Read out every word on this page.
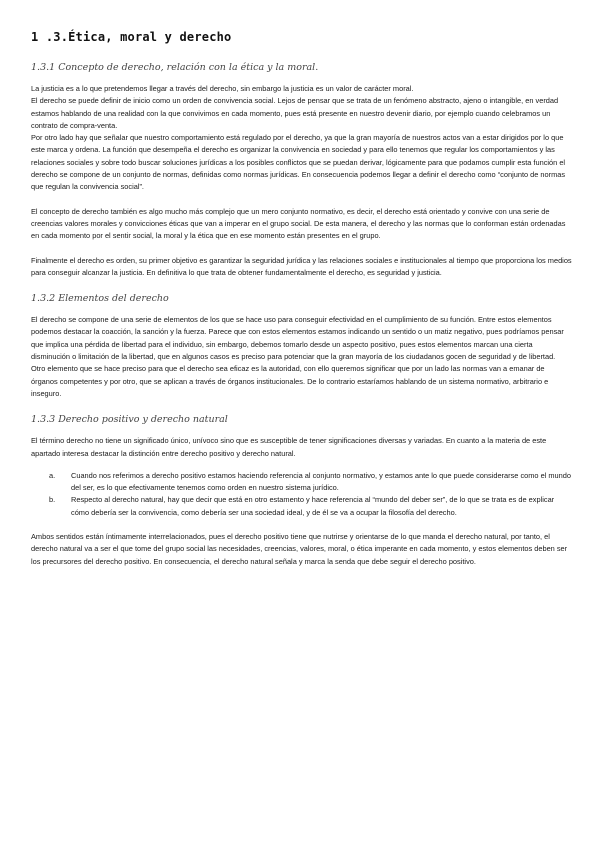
1 .3.Ética, moral y derecho
1.3.1 Concepto de derecho, relación con la ética y la moral.

La justicia es a lo que pretendemos llegar a través del derecho, sin embargo la justicia es un valor de carácter moral.

El derecho se puede definir de inicio como un orden de convivencia social. Lejos de pensar que se trata de un fenómeno abstracto, ajeno o intangible, en verdad estamos hablando de una realidad con la que convivimos en cada momento, pues está presente en nuestro devenir diario, por ejemplo cuando celebramos un contrato de compra-venta.

Por otro lado hay que señalar que nuestro comportamiento está regulado por el derecho, ya que la gran mayoría de nuestros actos van a estar dirigidos por lo que este marca y ordena. La función que desempeña el derecho es organizar la convivencia en sociedad y para ello tenemos que regular los comportamientos y las relaciones sociales y sobre todo buscar soluciones jurídicas a los posibles conflictos que se puedan derivar, lógicamente para que podamos cumplir esta función el derecho se compone de un conjunto de normas, definidas como normas jurídicas. En consecuencia podemos llegar a definir el derecho como “conjunto de normas que regulan la convivencia social”.

El concepto de derecho también es algo mucho más complejo que un mero conjunto normativo, es decir, el derecho está orientado y convive con una serie de creencias valores morales y convicciones éticas que van a imperar en el grupo social. De esta manera, el derecho y las normas que lo conforman están ordenadas en cada momento por el sentir social, la moral y la ética que en ese momento están presentes en el grupo.

Finalmente el derecho es orden, su primer objetivo es garantizar la seguridad jurídica y las relaciones sociales e institucionales al tiempo que proporciona los medios para conseguir alcanzar la justicia. En definitiva lo que trata de obtener fundamentalmente el derecho, es seguridad y justicia.

1.3.2 Elementos del derecho

El derecho se compone de una serie de elementos de los que se hace uso para conseguir efectividad en el cumplimiento de su función. Entre estos elementos podemos destacar la coacción, la sanción y la fuerza. Parece que con estos elementos estamos indicando un sentido o un matiz negativo, pues podríamos pensar que implica una pérdida de libertad para el individuo, sin embargo, debemos tomarlo desde un aspecto positivo, pues estos elementos marcan una cierta disminución o limitación de la libertad, que en algunos casos es preciso para potenciar que la gran mayoría de los ciudadanos gocen de seguridad y de libertad.

Otro elemento que se hace preciso para que el derecho sea eficaz es la autoridad, con ello queremos significar que por un lado las normas van a emanar de órganos competentes y por otro, que se aplican a través de órganos institucionales. De lo contrario estaríamos hablando de un sistema normativo, arbitrario e inseguro.

1.3.3 Derecho positivo y derecho natural

El término derecho no tiene un significado único, unívoco sino que es susceptible de tener significaciones diversas y variadas. En cuanto a la materia de este apartado interesa destacar la distinción entre derecho positivo y derecho natural.

a. Cuando nos referimos a derecho positivo estamos haciendo referencia al conjunto normativo, y estamos ante lo que puede considerarse como el mundo del ser, es lo que efectivamente tenemos como orden en nuestro sistema jurídico.

b. Respecto al derecho natural, hay que decir que está en otro estamento y hace referencia al “mundo del deber ser”, de lo que se trata es de explicar cómo debería ser la convivencia, como debería ser una sociedad ideal, y de él se va a ocupar la filosofía del derecho.

Ambos sentidos están íntimamente interrelacionados, pues el derecho positivo tiene que nutrirse y orientarse de lo que manda el derecho natural, por tanto, el derecho natural va a ser el que tome del grupo social las necesidades, creencias, valores, moral, o ética imperante en cada momento, y estos elementos deben ser los precursores del derecho positivo. En consecuencia, el derecho natural señala y marca la senda que debe seguir el derecho positivo.
